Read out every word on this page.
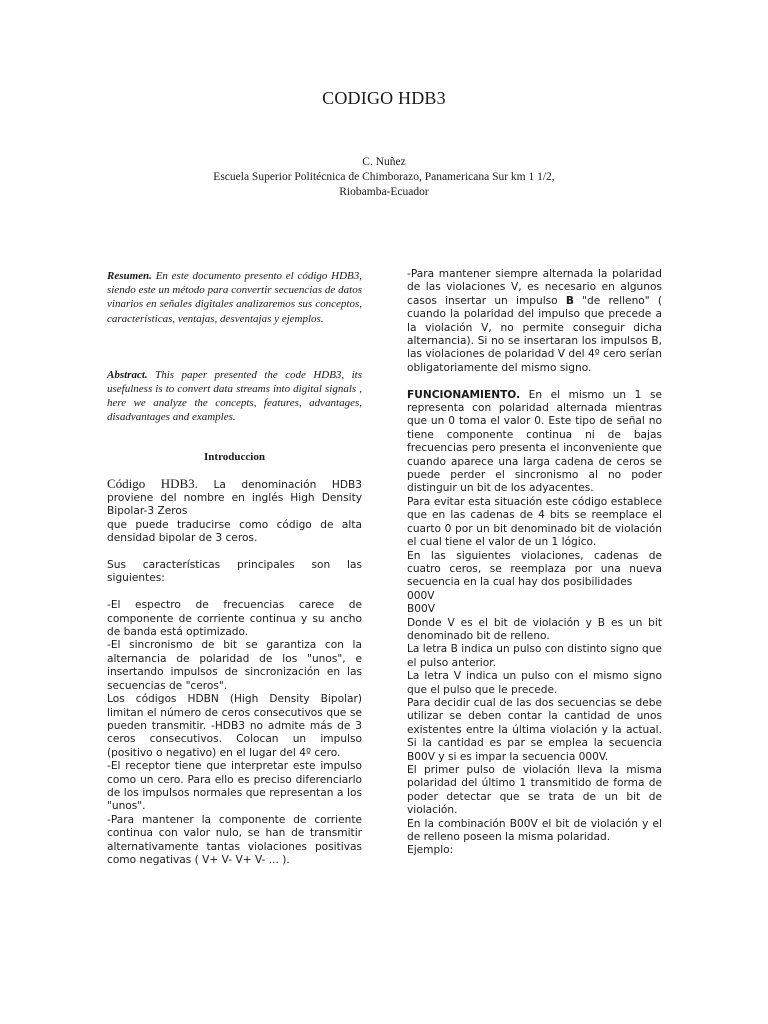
CODIGO HDB3
C. Nuñez
Escuela Superior Politécnica de Chimborazo, Panamericana Sur km 1 1/2,
Riobamba-Ecuador

Resumen. En este documento presento el código HDB3, siendo este un método para convertir secuencias de datos vinarios en señales digitales analizaremos sus conceptos, características, ventajas, desventajas y ejemplos.

Abstract. This paper presented the code HDB3, its usefulness is to convert data streams into digital signals , here we analyze the concepts, features, advantages, disadvantages and examples.

Introduccion

Código HDB3. La denominación HDB3 proviene del nombre en inglés High Density Bipolar-3 Zeros

que puede traducirse como código de alta densidad bipolar de 3 ceros.

Sus características principales son las siguientes:

-El espectro de frecuencias carece de componente de corriente continua y su ancho de banda está optimizado.

-El sincronismo de bit se garantiza con la alternancia de polaridad de los "unos", e insertando impulsos de sincronización en las secuencias de "ceros".

Los códigos HDBN (High Density Bipolar) limitan el número de ceros consecutivos que se pueden transmitir. -HDB3 no admite más de 3 ceros consecutivos. Colocan un impulso (positivo o negativo) en el lugar del 4º cero.

-El receptor tiene que interpretar este impulso como un cero. Para ello es preciso diferenciarlo de los impulsos normales que representan a los "unos".

-Para mantener la componente de corriente continua con valor nulo, se han de transmitir alternativamente tantas violaciones positivas como negativas ( V+ V- V+ V- ... ).

-Para mantener siempre alternada la polaridad de las violaciones V, es necesario en algunos casos insertar un impulso B "de relleno" ( cuando la polaridad del impulso que precede a la violación V, no permite conseguir dicha alternancia). Si no se insertaran los impulsos B, las violaciones de polaridad V del 4º cero serían obligatoriamente del mismo signo.

FUNCIONAMIENTO. En el mismo un 1 se representa con polaridad alternada mientras que un 0 toma el valor 0. Este tipo de señal no tiene componente continua ni de bajas frecuencias pero presenta el inconveniente que cuando aparece una larga cadena de ceros se puede perder el sincronismo al no poder distinguir un bit de los adyacentes.

Para evitar esta situación este código establece que en las cadenas de 4 bits se reemplace el cuarto 0 por un bit denominado bit de violación el cual tiene el valor de un 1 lógico.

En las siguientes violaciones, cadenas de cuatro ceros, se reemplaza por una nueva secuencia en la cual hay dos posibilidades

000V

B00V

Donde V es el bit de violación y B es un bit denominado bit de relleno.

La letra B indica un pulso con distinto signo que el pulso anterior.

La letra V indica un pulso con el mismo signo que el pulso que le precede.

Para decidir cual de las dos secuencias se debe utilizar se deben contar la cantidad de unos existentes entre la última violación y la actual. Si la cantidad es par se emplea la secuencia B00V y si es impar la secuencia 000V.

El primer pulso de violación lleva la misma polaridad del último 1 transmitido de forma de poder detectar que se trata de un bit de violación.

En la combinación B00V el bit de violación y el de relleno poseen la misma polaridad.

Ejemplo:
